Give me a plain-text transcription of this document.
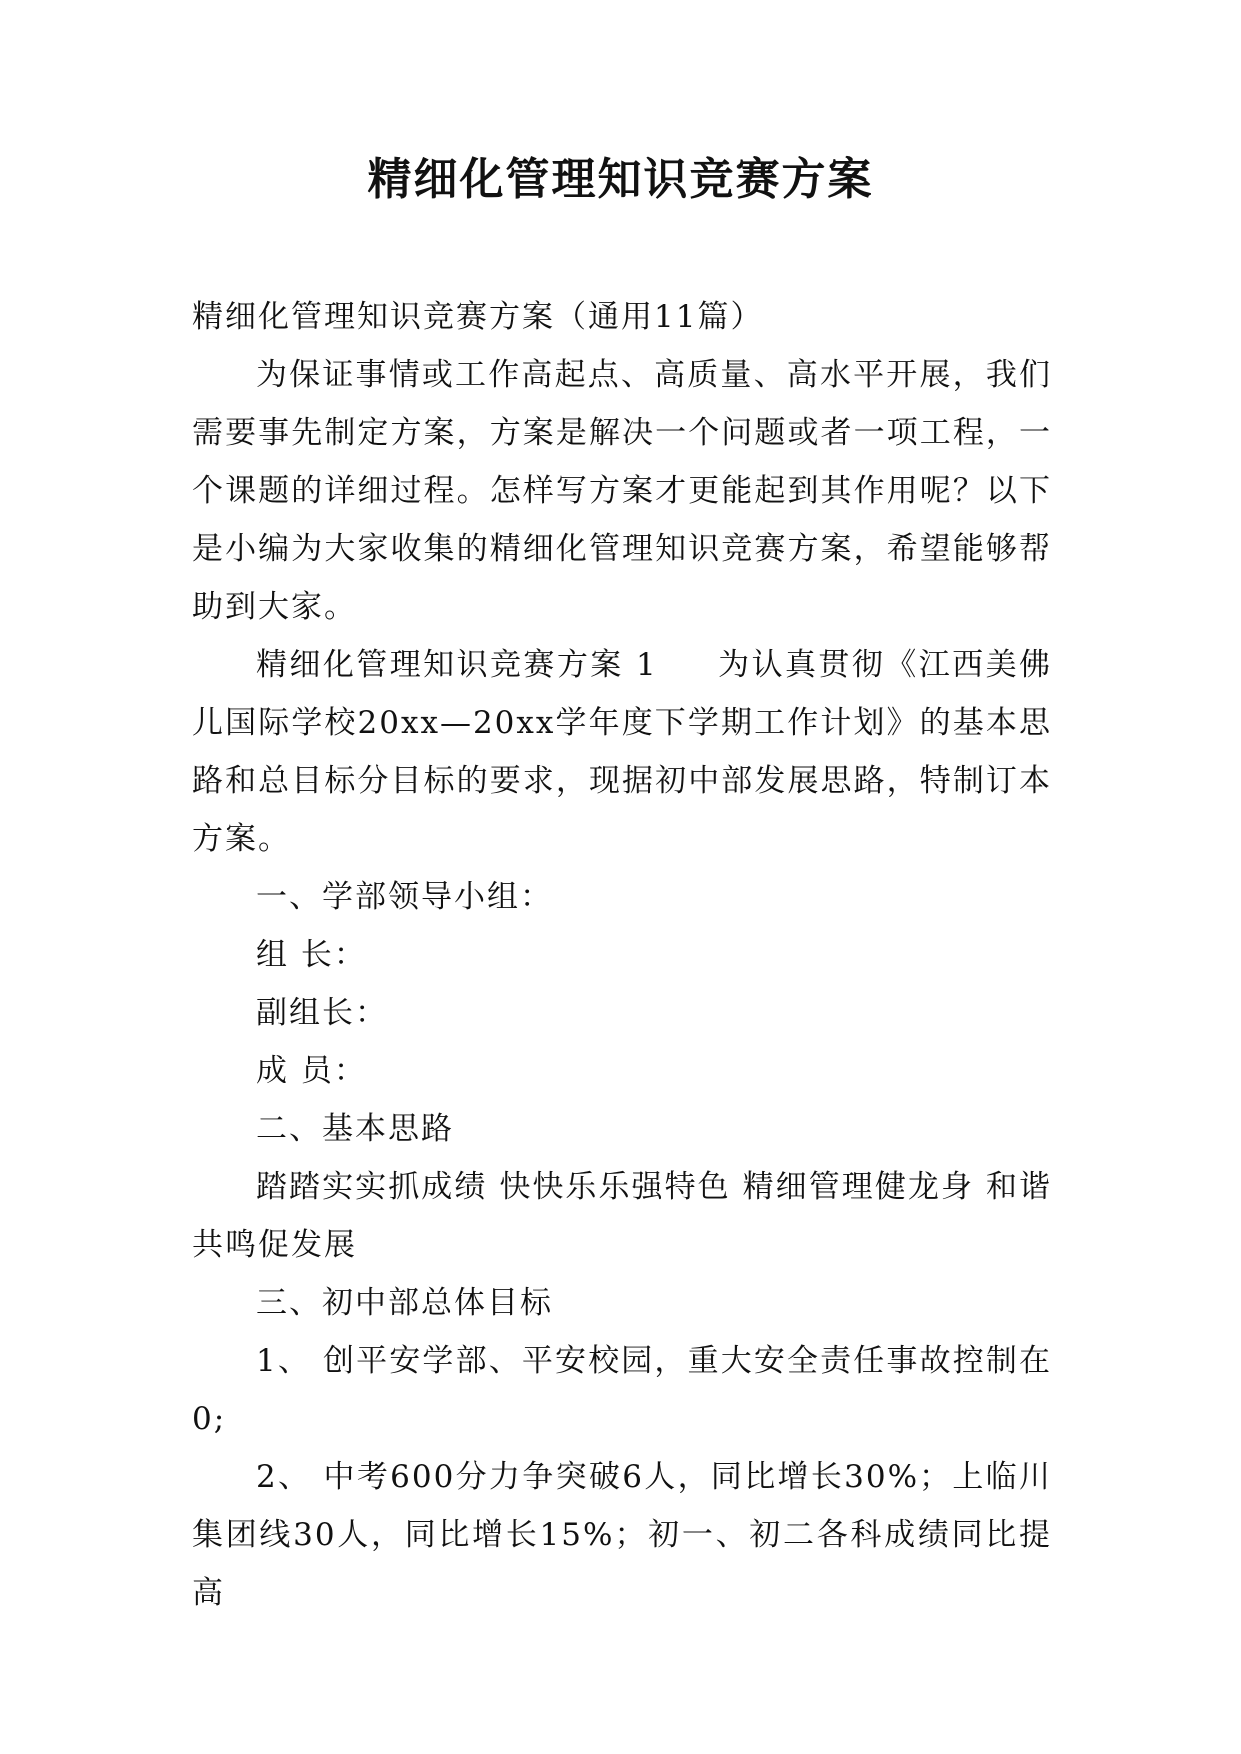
精细化管理知识竞赛方案

精细化管理知识竞赛方案（通用11篇）

为保证事情或工作高起点、高质量、高水平开展，我们需要事先制定方案，方案是解决一个问题或者一项工程，一个课题的详细过程。怎样写方案才更能起到其作用呢？以下是小编为大家收集的精细化管理知识竞赛方案，希望能够帮助到大家。

精细化管理知识竞赛方案 1 为认真贯彻《江西美佛儿国际学校20xx—20xx学年度下学期工作计划》的基本思路和总目标分目标的要求，现据初中部发展思路，特制订本方案。

一、学部领导小组：

组 长：

副组长：

成 员：

二、基本思路

踏踏实实抓成绩 快快乐乐强特色 精细管理健龙身 和谐共鸣促发展

三、初中部总体目标

1、 创平安学部、平安校园，重大安全责任事故控制在0;

2、 中考600分力争突破6人，同比增长30%；上临川集团线30人，同比增长15%；初一、初二各科成绩同比提高
